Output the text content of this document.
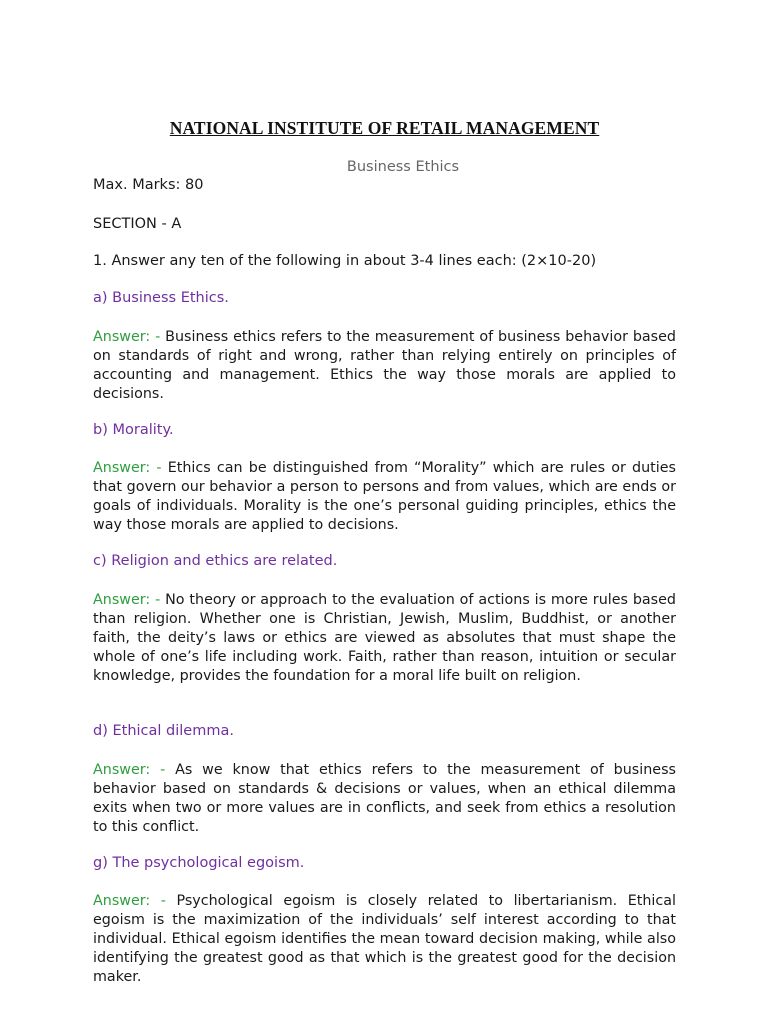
NATIONAL INSTITUTE OF RETAIL MANAGEMENT
Business Ethics
Max. Marks: 80
SECTION - A
1. Answer any ten of the following in about 3-4 lines each: (2×10-20)
a) Business Ethics.
Answer: - Business ethics refers to the measurement of business behavior based on standards of right and wrong, rather than relying entirely on principles of accounting and management. Ethics the way those morals are applied to decisions.
b) Morality.
Answer: - Ethics can be distinguished from “Morality” which are rules or duties that govern our behavior a person to persons and from values, which are ends or goals of individuals. Morality is the one’s personal guiding principles, ethics the way those morals are applied to decisions.
c) Religion and ethics are related.
Answer: - No theory or approach to the evaluation of actions is more rules based than religion. Whether one is Christian, Jewish, Muslim, Buddhist, or another faith, the deity’s laws or ethics are viewed as absolutes that must shape the whole of one’s life including work. Faith, rather than reason, intuition or secular knowledge, provides the foundation for a moral life built on religion.
d) Ethical dilemma.
Answer: - As we know that ethics refers to the measurement of business behavior based on standards & decisions or values, when an ethical dilemma exits when two or more values are in conflicts, and seek from ethics a resolution to this conflict.
g) The psychological egoism.
Answer: - Psychological egoism is closely related to libertarianism. Ethical egoism is the maximization of the individuals’ self interest according to that individual. Ethical egoism identifies the mean toward decision making, while also identifying the greatest good as that which is the greatest good for the decision maker.
